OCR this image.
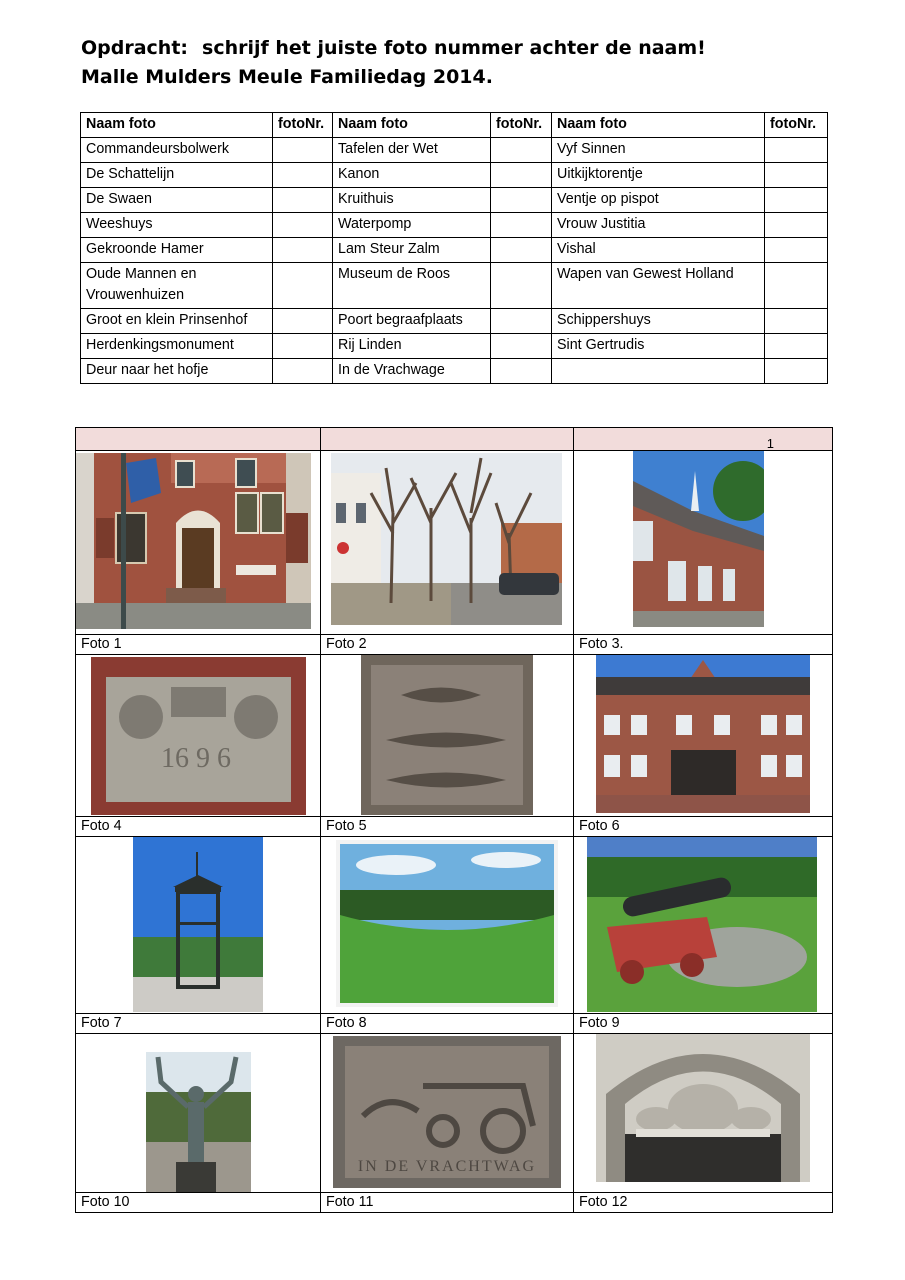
Opdracht: schrijf het juiste foto nummer achter de naam!
Malle Mulders Meule Familiedag 2014.
Naam foto	fotoNr.	Naam foto	fotoNr.	Naam foto	fotoNr.
Commandeursbolwerk		Tafelen der Wet		Vyf Sinnen	
De Schattelijn		Kanon		Uitkijktorentje	
De Swaen		Kruithuis		Ventje op pispot	
Weeshuys		Waterpomp		Vrouw Justitia	
Gekroonde Hamer		Lam Steur Zalm		Vishal	
Oude Mannen en Vrouwenhuizen		Museum de Roos		Wapen van Gewest Holland	
Groot en klein Prinsenhof		Poort begraafplaats		Schippershuys	
Herdenkingsmonument		Rij Linden		Sint Gertrudis	
Deur naar het hofje		In de Vrachwage			

1

Foto 1	Foto 2	Foto 3.

16 9 6

Foto 4	Foto 5	Foto 6

Foto 7	Foto 8	Foto 9

IN DE VRACHTWAG

Foto 10	Foto 11	Foto 12
